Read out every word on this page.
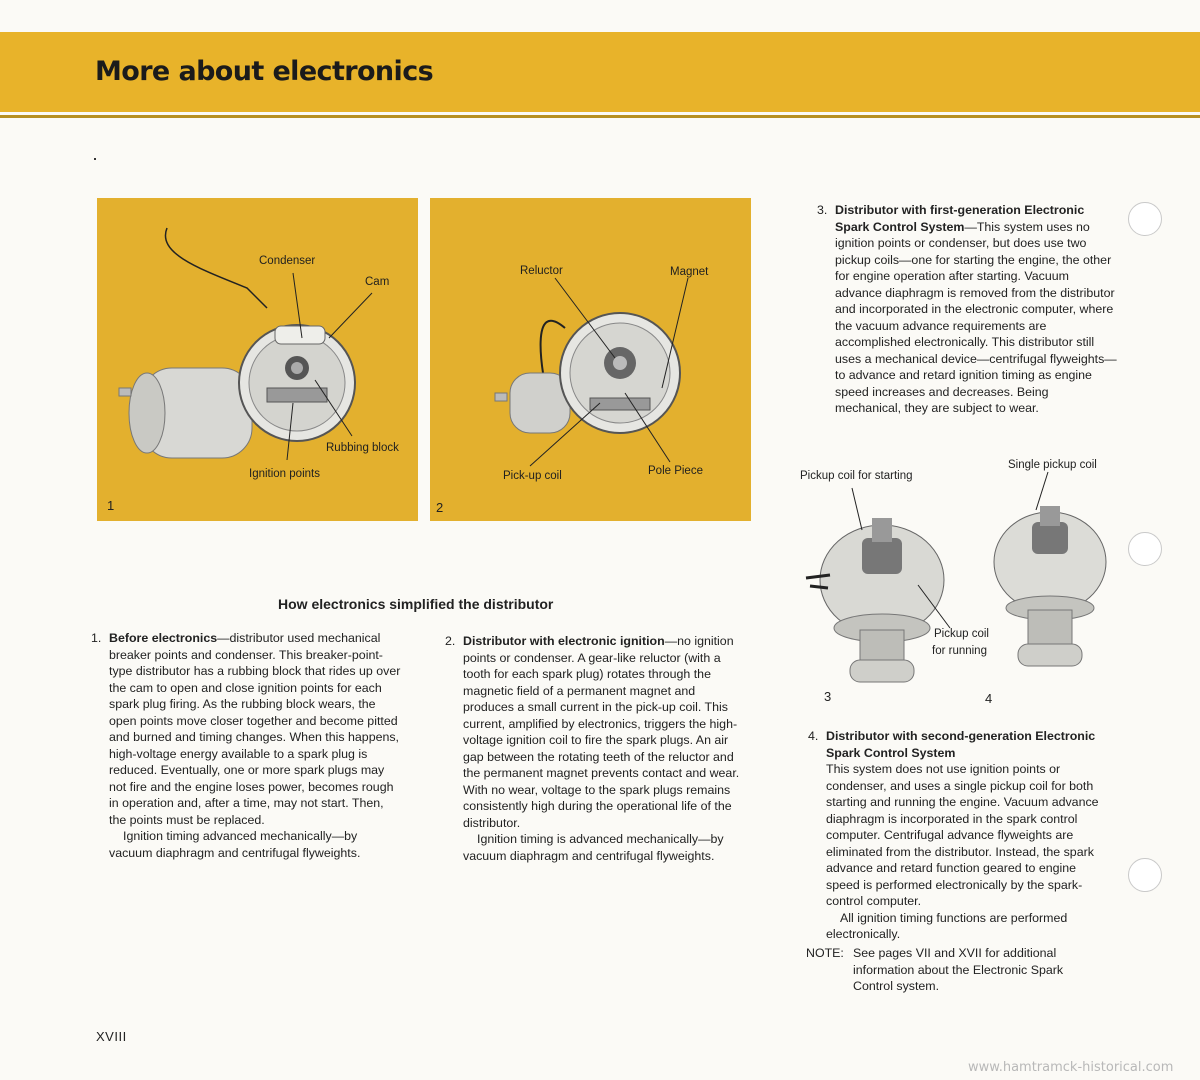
More about electronics
Condenser
Cam
Rubbing block
Ignition points
1
Reluctor	Magnet
Pick-up coil	Pole Piece
2
How electronics simplified the distributor
1. Before electronics—distributor used mechanical breaker points and condenser. This breaker-point-type distributor has a rubbing block that rides up over the cam to open and close ignition points for each spark plug firing. As the rubbing block wears, the open points move closer together and become pitted and burned and timing changes. When this happens, high-voltage energy available to a spark plug is reduced. Eventually, one or more spark plugs may not fire and the engine loses power, becomes rough in operation and, after a time, may not start. Then, the points must be replaced.
Ignition timing advanced mechanically—by vacuum diaphragm and centrifugal flyweights.
2. Distributor with electronic ignition—no ignition points or condenser. A gear-like reluctor (with a tooth for each spark plug) rotates through the magnetic field of a permanent magnet and produces a small current in the pick-up coil. This current, amplified by electronics, triggers the high-voltage ignition coil to fire the spark plugs. An air gap between the rotating teeth of the reluctor and the permanent magnet prevents contact and wear. With no wear, voltage to the spark plugs remains consistently high during the operational life of the distributor.
Ignition timing is advanced mechanically—by vacuum diaphragm and centrifugal flyweights.
3. Distributor with first-generation Electronic Spark Control System—This system uses no ignition points or condenser, but does use two pickup coils—one for starting the engine, the other for engine operation after starting. Vacuum advance diaphragm is removed from the distributor and incorporated in the electronic computer, where the vacuum advance requirements are accomplished electronically. This distributor still uses a mechanical device—centrifugal flyweights—to advance and retard ignition timing as engine speed increases and decreases. Being mechanical, they are subject to wear.
Pickup coil for starting
Single pickup coil
Pickup coil
for running
3	4
4. Distributor with second-generation Electronic Spark Control System
This system does not use ignition points or condenser, and uses a single pickup coil for both starting and running the engine. Vacuum advance diaphragm is incorporated in the spark control computer. Centrifugal advance flyweights are eliminated from the distributor. Instead, the spark advance and retard function geared to engine speed is performed electronically by the spark-control computer.
All ignition timing functions are performed electronically.
NOTE: See pages VII and XVII for additional information about the Electronic Spark Control system.
XVIII
www.hamtramck-historical.com
